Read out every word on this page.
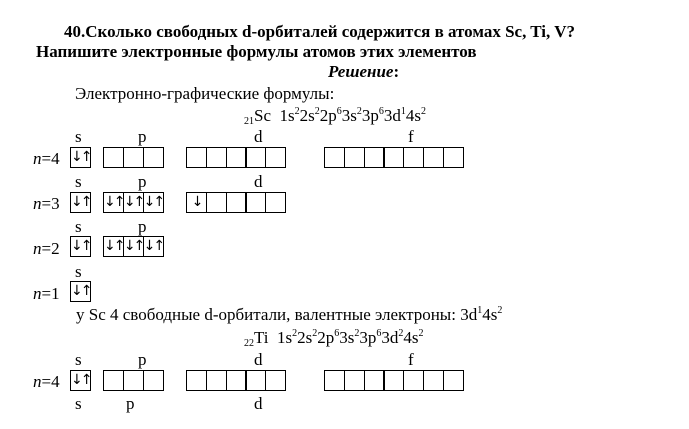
40.Сколько свободных d-орбиталей содержится в атомах Sc, Ti, V?
Напишите электронные формулы атомов этих элементов
Решение:
Электронно-графические формулы:
$_{21}$Sc  $1s^22s^22p^63s^23p^63d^14s^2$
s	p	d	f
n=4 ↓↑
s	p	d
n=3 ↓↑ ↓↑ ↓↑ ↓↑	↓
s	p
n=2 ↓↑ ↓↑ ↓↑ ↓↑
s
n=1 ↓↑
у Sc 4 свободные d-орбитали, валентные электроны: $3d^14s^2$
$_{22}$Ti  $1s^22s^22p^63s^23p^63d^24s^2$
s	p	d	f
n=4 ↓↑
s	p	d
